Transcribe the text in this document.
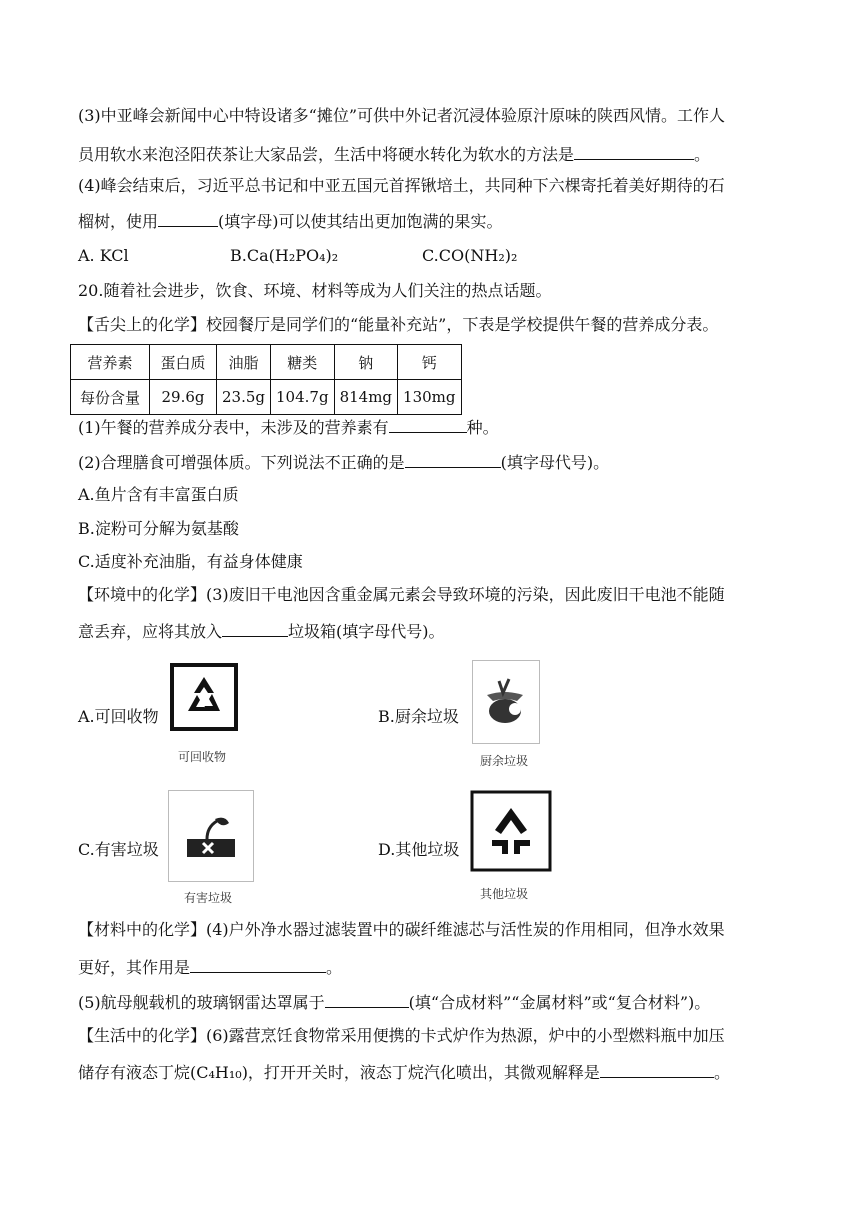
(3)中亚峰会新闻中心中特设诸多“摊位”可供中外记者沉浸体验原汁原味的陕西风情。工作人
员用软水来泡泾阳茯茶让大家品尝，生活中将硬水转化为软水的方法是	。
(4)峰会结束后，习近平总书记和中亚五国元首挥锹培土，共同种下六棵寄托着美好期待的石
榴树，使用	(填字母)可以使其结出更加饱满的果实。
A. KCl	B.Ca(H₂PO₄)₂	C.CO(NH₂)₂
20.随着社会进步，饮食、环境、材料等成为人们关注的热点话题。
【舌尖上的化学】校园餐厅是同学们的“能量补充站”，下表是学校提供午餐的营养成分表。
营养素	蛋白质	油脂	糖类	钠	钙
每份含量	29.6g	23.5g	104.7g	814mg	130mg
(1)午餐的营养成分表中，未涉及的营养素有	种。
(2)合理膳食可增强体质。下列说法不正确的是	(填字母代号)。
A.鱼片含有丰富蛋白质
B.淀粉可分解为氨基酸
C.适度补充油脂，有益身体健康
【环境中的化学】(3)废旧干电池因含重金属元素会导致环境的污染，因此废旧干电池不能随
意丢弃，应将其放入	垃圾箱(填字母代号)。
A.可回收物
可回收物
B.厨余垃圾
厨余垃圾
C.有害垃圾
有害垃圾
D.其他垃圾
其他垃圾
【材料中的化学】(4)户外净水器过滤装置中的碳纤维滤芯与活性炭的作用相同，但净水效果
更好，其作用是	。
(5)航母舰载机的玻璃钢雷达罩属于	(填“合成材料”“金属材料”或“复合材料”)。
【生活中的化学】(6)露营烹饪食物常采用便携的卡式炉作为热源，炉中的小型燃料瓶中加压
储存有液态丁烷(C₄H₁₀)，打开开关时，液态丁烷汽化喷出，其微观解释是	。
